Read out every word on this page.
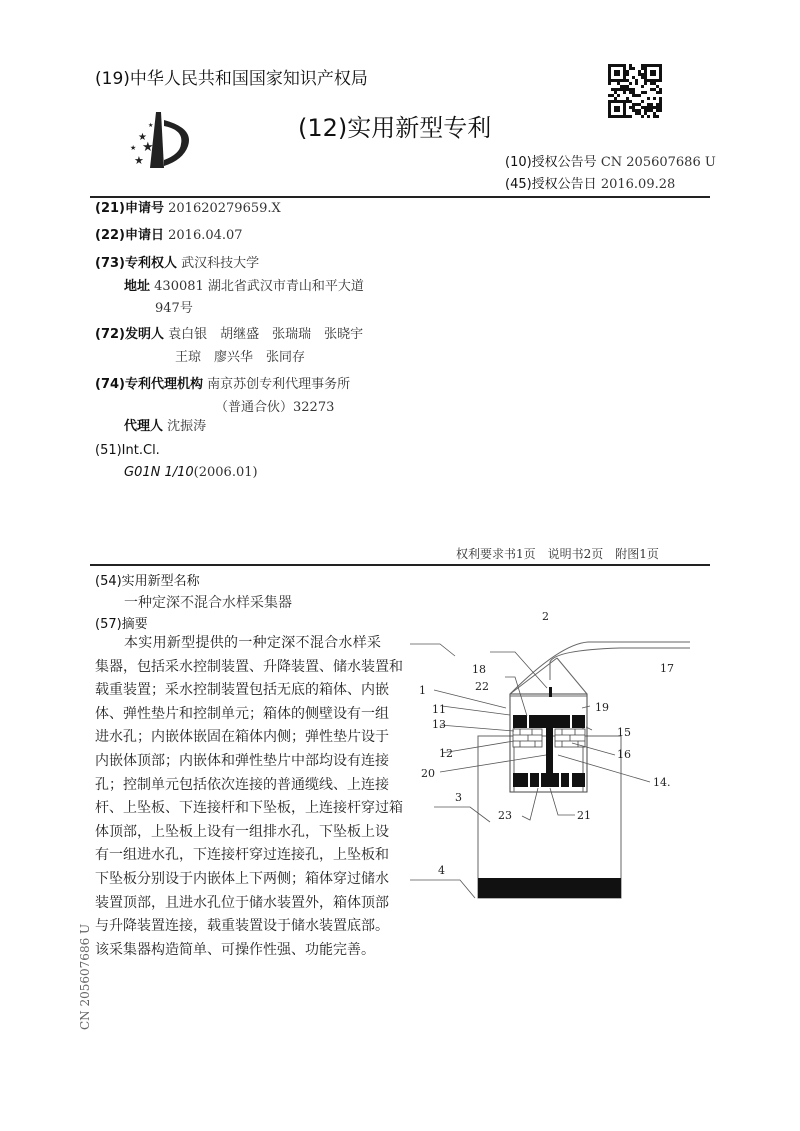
(19)中华人民共和国国家知识产权局
★
★
★
★
★	(12)实用新型专利
(10)授权公告号 CN 205607686 U
(45)授权公告日 2016.09.28
(21)申请号 201620279659.X
(22)申请日 2016.04.07
(73)专利权人 武汉科技大学
地址 430081 湖北省武汉市青山和平大道
947号
(72)发明人 袁白银　胡继盛　张瑞瑞　张晓宇
王琼　廖兴华　张同存
(74)专利代理机构 南京苏创专利代理事务所
（普通合伙）32273
代理人 沈振涛
(51)Int.Cl.
G01N 1/10(2006.01)
权利要求书1页　说明书2页　附图1页
(54)实用新型名称
一种定深不混合水样采集器
(57)摘要
本实用新型提供的一种定深不混合水样采
集器，包括采水控制装置、升降装置、储水装置和
载重装置；采水控制装置包括无底的箱体、内嵌
体、弹性垫片和控制单元；箱体的侧壁设有一组
进水孔；内嵌体嵌固在箱体内侧；弹性垫片设于
内嵌体顶部；内嵌体和弹性垫片中部均设有连接
孔；控制单元包括依次连接的普通缆线、上连接
杆、上坠板、下连接杆和下坠板，上连接杆穿过箱
体顶部，上坠板上设有一组排水孔，下坠板上设
有一组进水孔，下连接杆穿过连接孔，上坠板和
下坠板分别设于内嵌体上下两侧；箱体穿过储水
装置顶部，且进水孔位于储水装置外，箱体顶部
与升降装置连接，载重装置设于储水装置底部。
该采集器构造简单、可操作性强、功能完善。
2
17
18
22
1
11	19
13
15
12	16
20
14.
3
23	21
4
CN 205607686 U
